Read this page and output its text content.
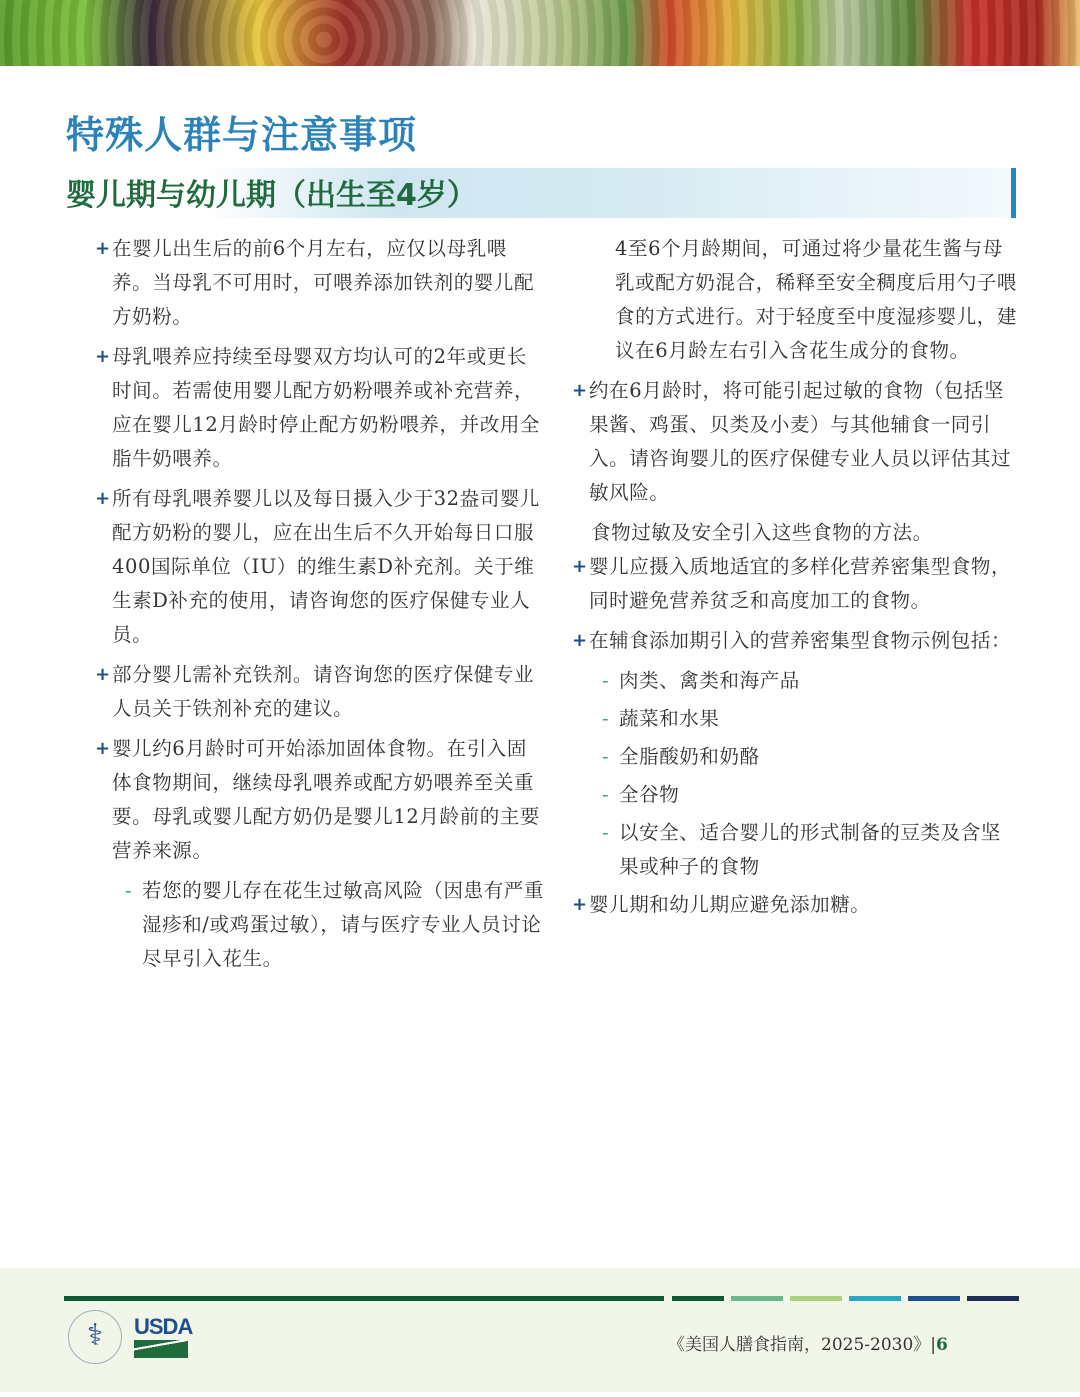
特殊人群与注意事项
婴儿期与幼儿期（出生至4岁）
+ 在婴儿出生后的前6个月左右，应仅以母乳喂养。当母乳不可用时，可喂养添加铁剂的婴儿配方奶粉。
+ 母乳喂养应持续至母婴双方均认可的2年或更长时间。若需使用婴儿配方奶粉喂养或补充营养，应在婴儿12月龄时停止配方奶粉喂养，并改用全脂牛奶喂养。
+ 所有母乳喂养婴儿以及每日摄入少于32盎司婴儿配方奶粉的婴儿，应在出生后不久开始每日口服400国际单位（IU）的维生素D补充剂。关于维生素D补充的使用，请咨询您的医疗保健专业人员。
+ 部分婴儿需补充铁剂。请咨询您的医疗保健专业人员关于铁剂补充的建议。
+ 婴儿约6月龄时可开始添加固体食物。在引入固体食物期间，继续母乳喂养或配方奶喂养至关重要。母乳或婴儿配方奶仍是婴儿12月龄前的主要营养来源。
- 若您的婴儿存在花生过敏高风险（因患有严重湿疹和/或鸡蛋过敏），请与医疗专业人员讨论尽早引入花生。
4至6个月龄期间，可通过将少量花生酱与母乳或配方奶混合，稀释至安全稠度后用勺子喂食的方式进行。对于轻度至中度湿疹婴儿，建议在6月龄左右引入含花生成分的食物。
+ 约在6月龄时，将可能引起过敏的食物（包括坚果酱、鸡蛋、贝类及小麦）与其他辅食一同引入。请咨询婴儿的医疗保健专业人员以评估其过敏风险。
食物过敏及安全引入这些食物的方法。
+ 婴儿应摄入质地适宜的多样化营养密集型食物，同时避免营养贫乏和高度加工的食物。
+ 在辅食添加期引入的营养密集型食物示例包括：
- 肉类、禽类和海产品
- 蔬菜和水果
- 全脂酸奶和奶酪
- 全谷物
- 以安全、适合婴儿的形式制备的豆类及含坚果或种子的食物
+ 婴儿期和幼儿期应避免添加糖。
⚕	USDA
《美国人膳食指南，2025-2030》|6
